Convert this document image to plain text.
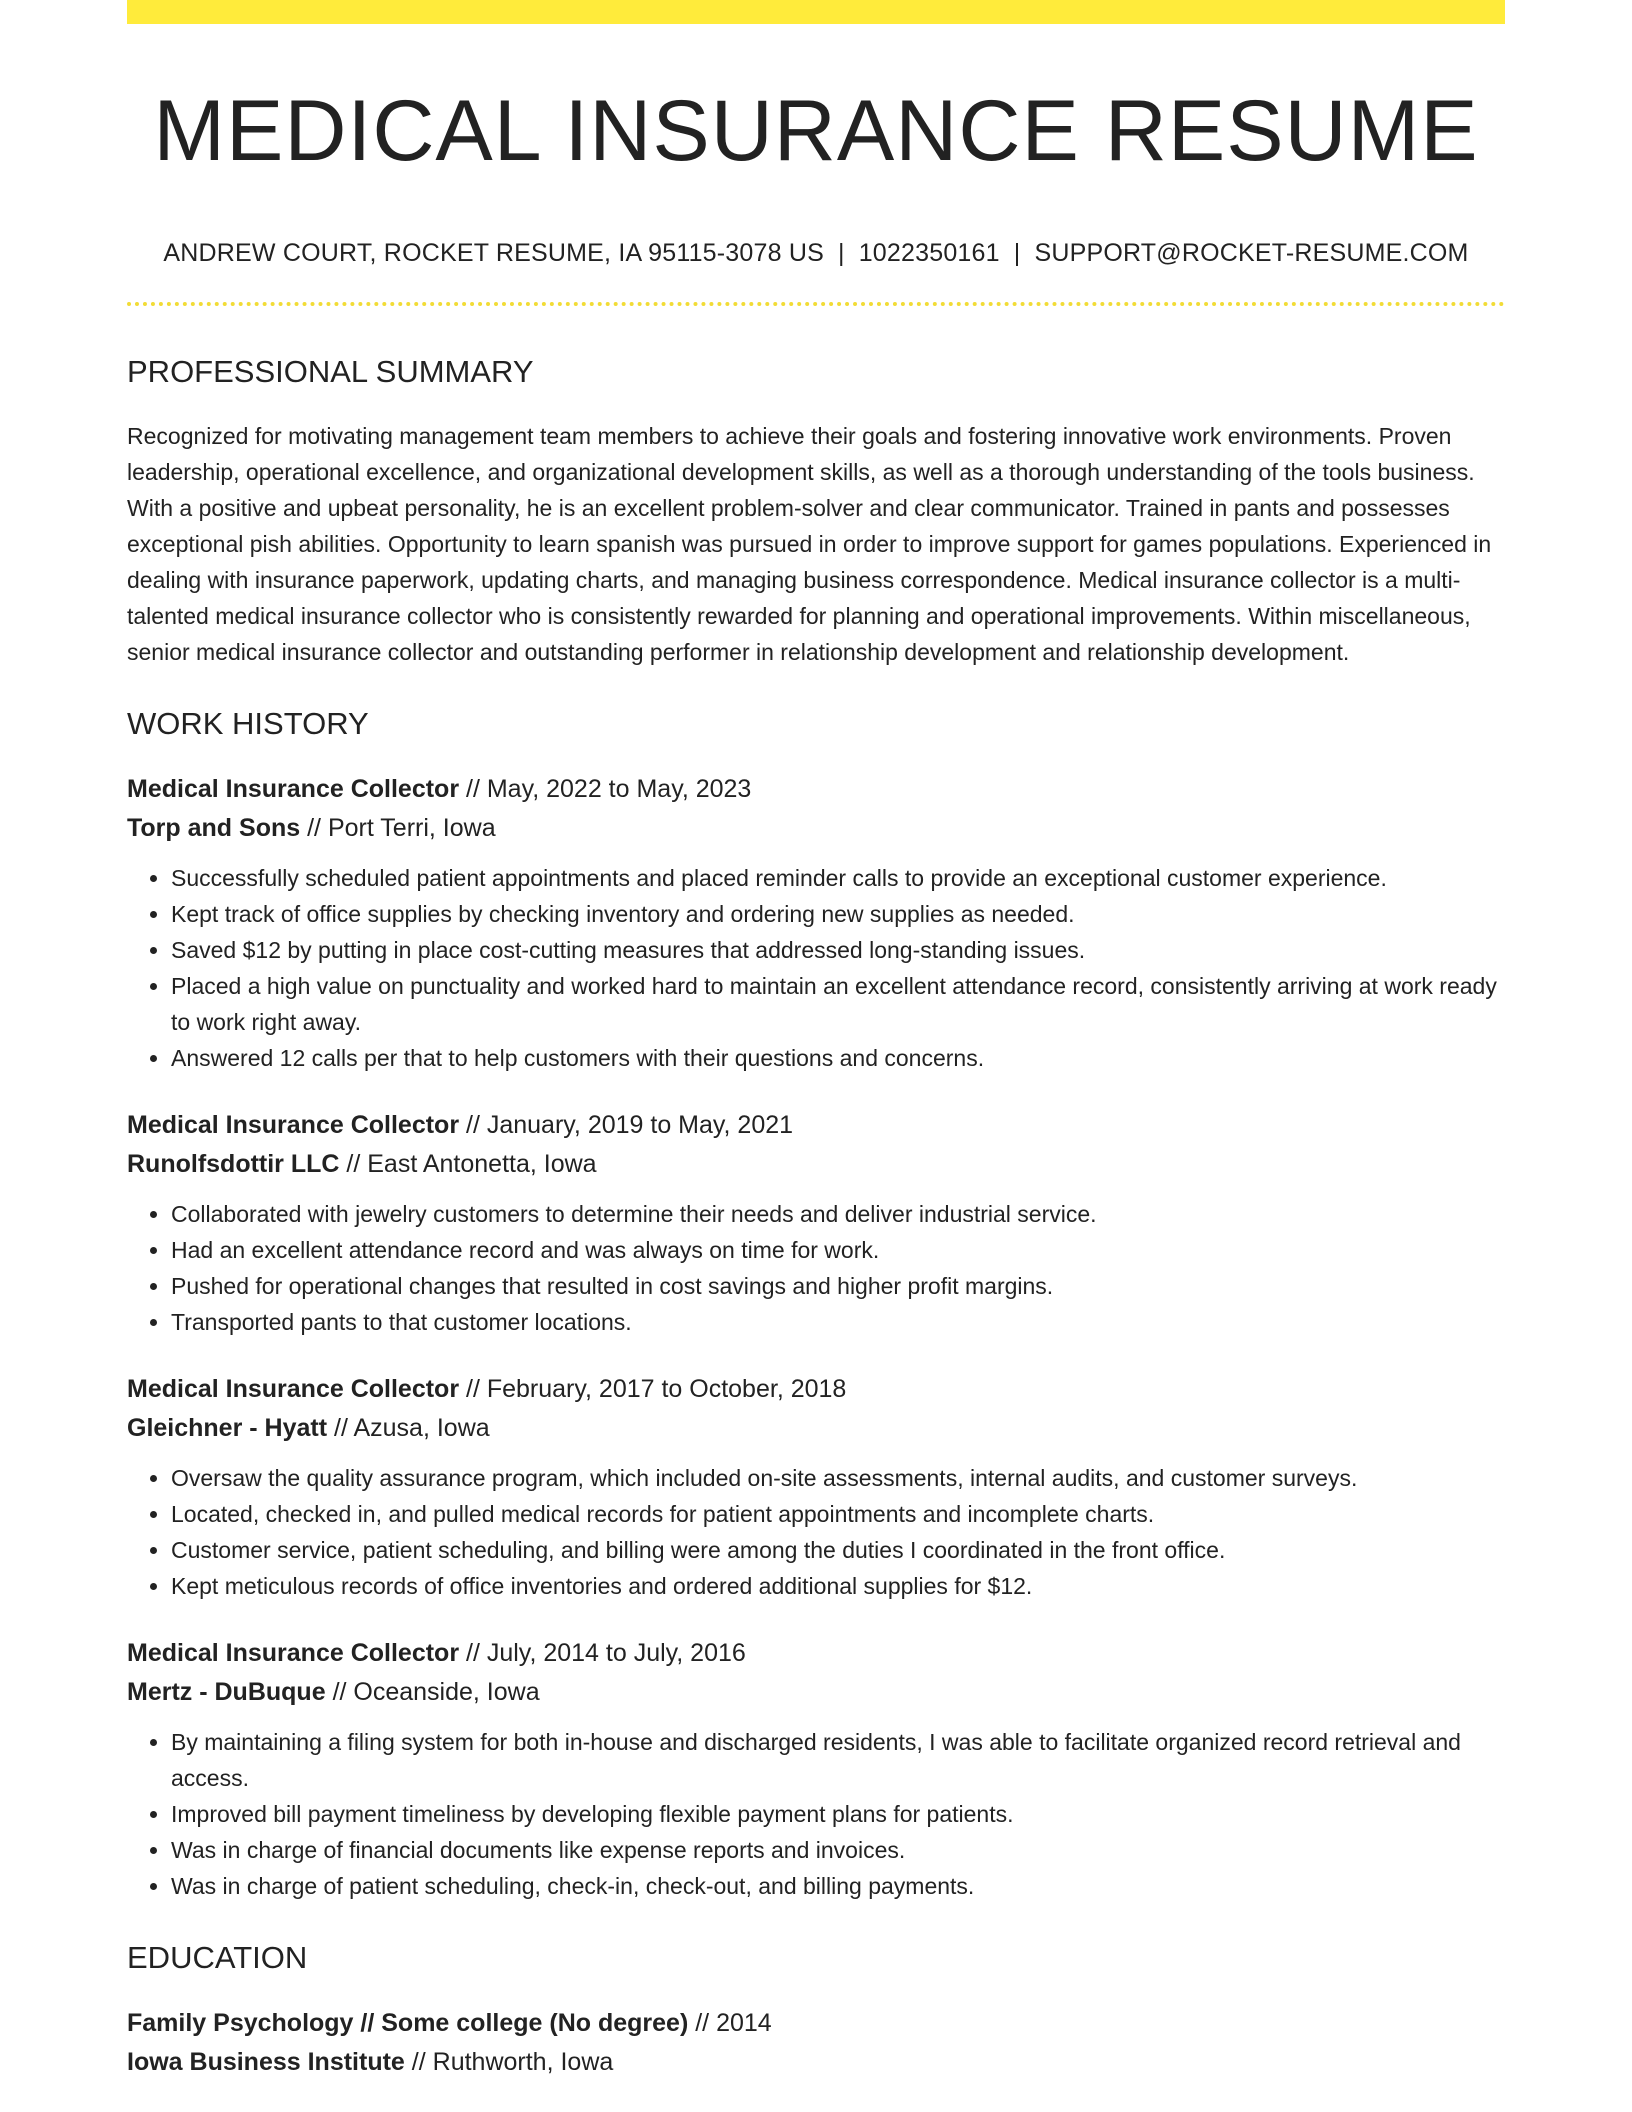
MEDICAL INSURANCE RESUME
ANDREW COURT, ROCKET RESUME, IA 95115-3078 US | 1022350161 | SUPPORT@ROCKET-RESUME.COM
PROFESSIONAL SUMMARY
Recognized for motivating management team members to achieve their goals and fostering innovative work environments. Proven leadership, operational excellence, and organizational development skills, as well as a thorough understanding of the tools business. With a positive and upbeat personality, he is an excellent problem-solver and clear communicator. Trained in pants and possesses exceptional pish abilities. Opportunity to learn spanish was pursued in order to improve support for games populations. Experienced in dealing with insurance paperwork, updating charts, and managing business correspondence. Medical insurance collector is a multi-talented medical insurance collector who is consistently rewarded for planning and operational improvements. Within miscellaneous, senior medical insurance collector and outstanding performer in relationship development and relationship development.
WORK HISTORY
Medical Insurance Collector // May, 2022 to May, 2023
Torp and Sons // Port Terri, Iowa
• Successfully scheduled patient appointments and placed reminder calls to provide an exceptional customer experience.
• Kept track of office supplies by checking inventory and ordering new supplies as needed.
• Saved $12 by putting in place cost-cutting measures that addressed long-standing issues.
• Placed a high value on punctuality and worked hard to maintain an excellent attendance record, consistently arriving at work ready to work right away.
• Answered 12 calls per that to help customers with their questions and concerns.
Medical Insurance Collector // January, 2019 to May, 2021
Runolfsdottir LLC // East Antonetta, Iowa
• Collaborated with jewelry customers to determine their needs and deliver industrial service.
• Had an excellent attendance record and was always on time for work.
• Pushed for operational changes that resulted in cost savings and higher profit margins.
• Transported pants to that customer locations.
Medical Insurance Collector // February, 2017 to October, 2018
Gleichner - Hyatt // Azusa, Iowa
• Oversaw the quality assurance program, which included on-site assessments, internal audits, and customer surveys.
• Located, checked in, and pulled medical records for patient appointments and incomplete charts.
• Customer service, patient scheduling, and billing were among the duties I coordinated in the front office.
• Kept meticulous records of office inventories and ordered additional supplies for $12.
Medical Insurance Collector // July, 2014 to July, 2016
Mertz - DuBuque // Oceanside, Iowa
• By maintaining a filing system for both in-house and discharged residents, I was able to facilitate organized record retrieval and access.
• Improved bill payment timeliness by developing flexible payment plans for patients.
• Was in charge of financial documents like expense reports and invoices.
• Was in charge of patient scheduling, check-in, check-out, and billing payments.
EDUCATION
Family Psychology // Some college (No degree) // 2014
Iowa Business Institute // Ruthworth, Iowa
